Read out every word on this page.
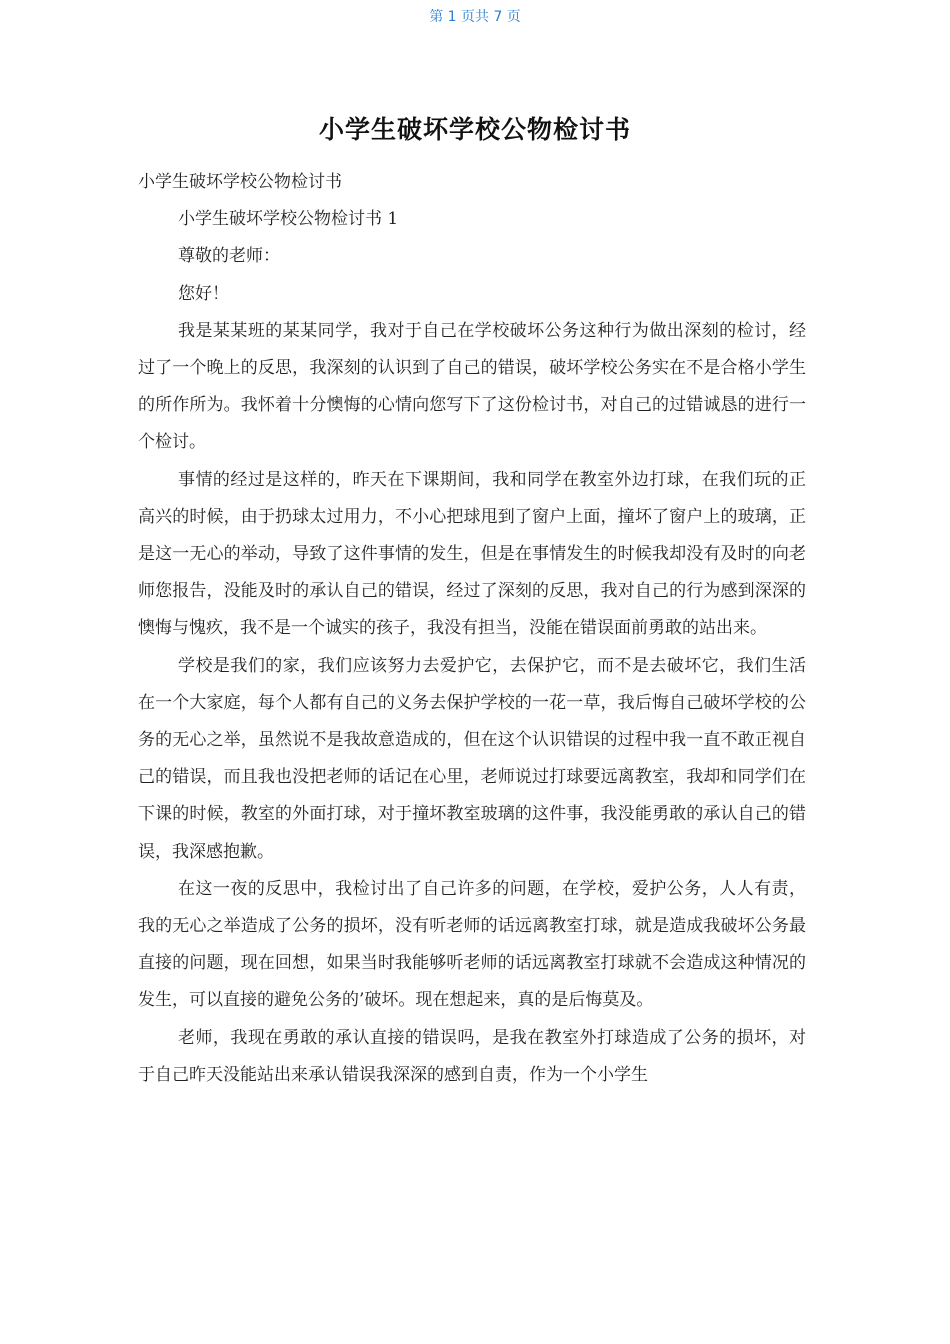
第 1 页共 7 页
小学生破坏学校公物检讨书

小学生破坏学校公物检讨书

小学生破坏学校公物检讨书 1

尊敬的老师：

您好！

我是某某班的某某同学，我对于自己在学校破坏公务这种行为做出深刻的检讨，经过了一个晚上的反思，我深刻的认识到了自己的错误，破坏学校公务实在不是合格小学生的所作所为。我怀着十分懊悔的心情向您写下了这份检讨书，对自己的过错诚恳的进行一个检讨。

事情的经过是这样的，昨天在下课期间，我和同学在教室外边打球，在我们玩的正高兴的时候，由于扔球太过用力，不小心把球甩到了窗户上面，撞坏了窗户上的玻璃，正是这一无心的举动，导致了这件事情的发生，但是在事情发生的时候我却没有及时的向老师您报告，没能及时的承认自己的错误，经过了深刻的反思，我对自己的行为感到深深的懊悔与愧疚，我不是一个诚实的孩子，我没有担当，没能在错误面前勇敢的站出来。

学校是我们的家，我们应该努力去爱护它，去保护它，而不是去破坏它，我们生活在一个大家庭，每个人都有自己的义务去保护学校的一花一草，我后悔自己破坏学校的公务的无心之举，虽然说不是我故意造成的，但在这个认识错误的过程中我一直不敢正视自己的错误，而且我也没把老师的话记在心里，老师说过打球要远离教室，我却和同学们在下课的时候，教室的外面打球，对于撞坏教室玻璃的这件事，我没能勇敢的承认自己的错误，我深感抱歉。

在这一夜的反思中，我检讨出了自己许多的问题，在学校，爱护公务，人人有责，我的无心之举造成了公务的损坏，没有听老师的话远离教室打球，就是造成我破坏公务最直接的问题，现在回想，如果当时我能够听老师的话远离教室打球就不会造成这种情况的发生，可以直接的避免公务的’破坏。现在想起来，真的是后悔莫及。

老师，我现在勇敢的承认直接的错误吗，是我在教室外打球造成了公务的损坏，对于自己昨天没能站出来承认错误我深深的感到自责，作为一个小学生
